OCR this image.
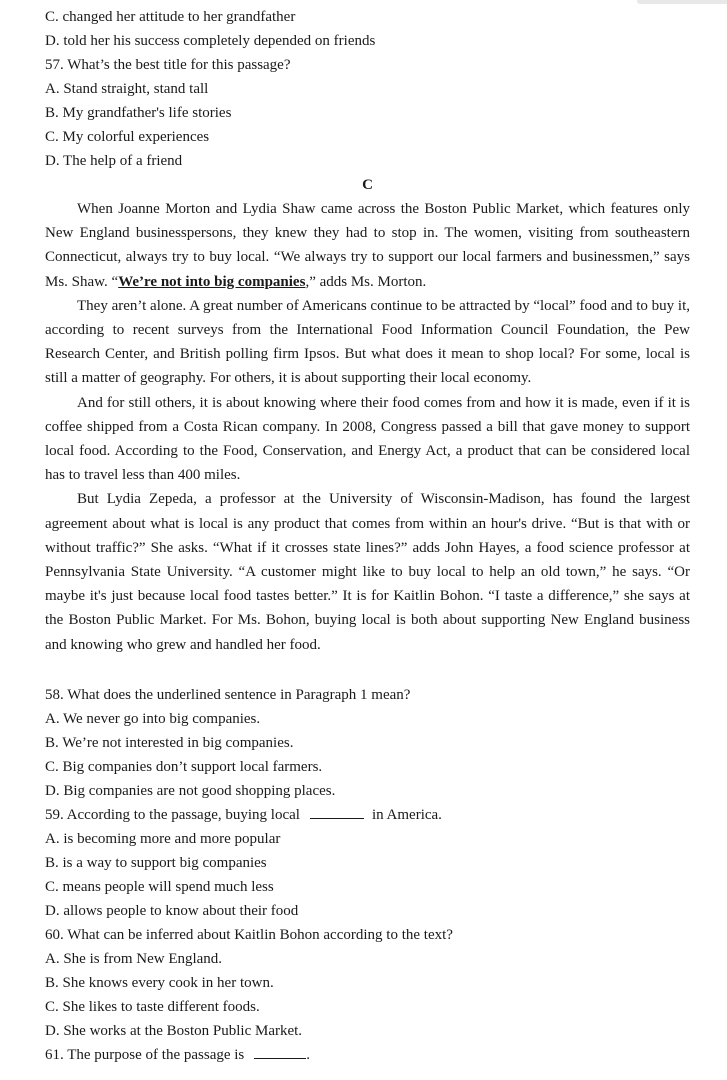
C. changed her attitude to her grandfather
D. told her his success completely depended on friends
57. What’s the best title for this passage?
A. Stand straight, stand tall
B. My grandfather's life stories
C. My colorful experiences
D. The help of a friend
C

When Joanne Morton and Lydia Shaw came across the Boston Public Market, which features only New England businesspersons, they knew they had to stop in. The women, visiting from southeastern Connecticut, always try to buy local. “We always try to support our local farmers and businessmen,” says Ms. Shaw. “We’re not into big companies,” adds Ms. Morton.

They aren’t alone. A great number of Americans continue to be attracted by “local” food and to buy it, according to recent surveys from the International Food Information Council Foundation, the Pew Research Center, and British polling firm Ipsos. But what does it mean to shop local? For some, local is still a matter of geography. For others, it is about supporting their local economy.

And for still others, it is about knowing where their food comes from and how it is made, even if it is coffee shipped from a Costa Rican company. In 2008, Congress passed a bill that gave money to support local food. According to the Food, Conservation, and Energy Act, a product that can be considered local has to travel less than 400 miles.

But Lydia Zepeda, a professor at the University of Wisconsin-Madison, has found the largest agreement about what is local is any product that comes from within an hour's drive. “But is that with or without traffic?” She asks. “What if it crosses state lines?” adds John Hayes, a food science professor at Pennsylvania State University. “A customer might like to buy local to help an old town,” he says. “Or maybe it's just because local food tastes better.” It is for Kaitlin Bohon. “I taste a difference,” she says at the Boston Public Market. For Ms. Bohon, buying local is both about supporting New England business and knowing who grew and handled her food.

58. What does the underlined sentence in Paragraph 1 mean?
A. We never go into big companies.
B. We’re not interested in big companies.
C. Big companies don’t support local farmers.
D. Big companies are not good shopping places.
59. According to the passage, buying local	in America.
A. is becoming more and more popular
B. is a way to support big companies
C. means people will spend much less
D. allows people to know about their food
60. What can be inferred about Kaitlin Bohon according to the text?
A. She is from New England.
B. She knows every cook in her town.
C. She likes to taste different foods.
D. She works at the Boston Public Market.
61. The purpose of the passage is	.
